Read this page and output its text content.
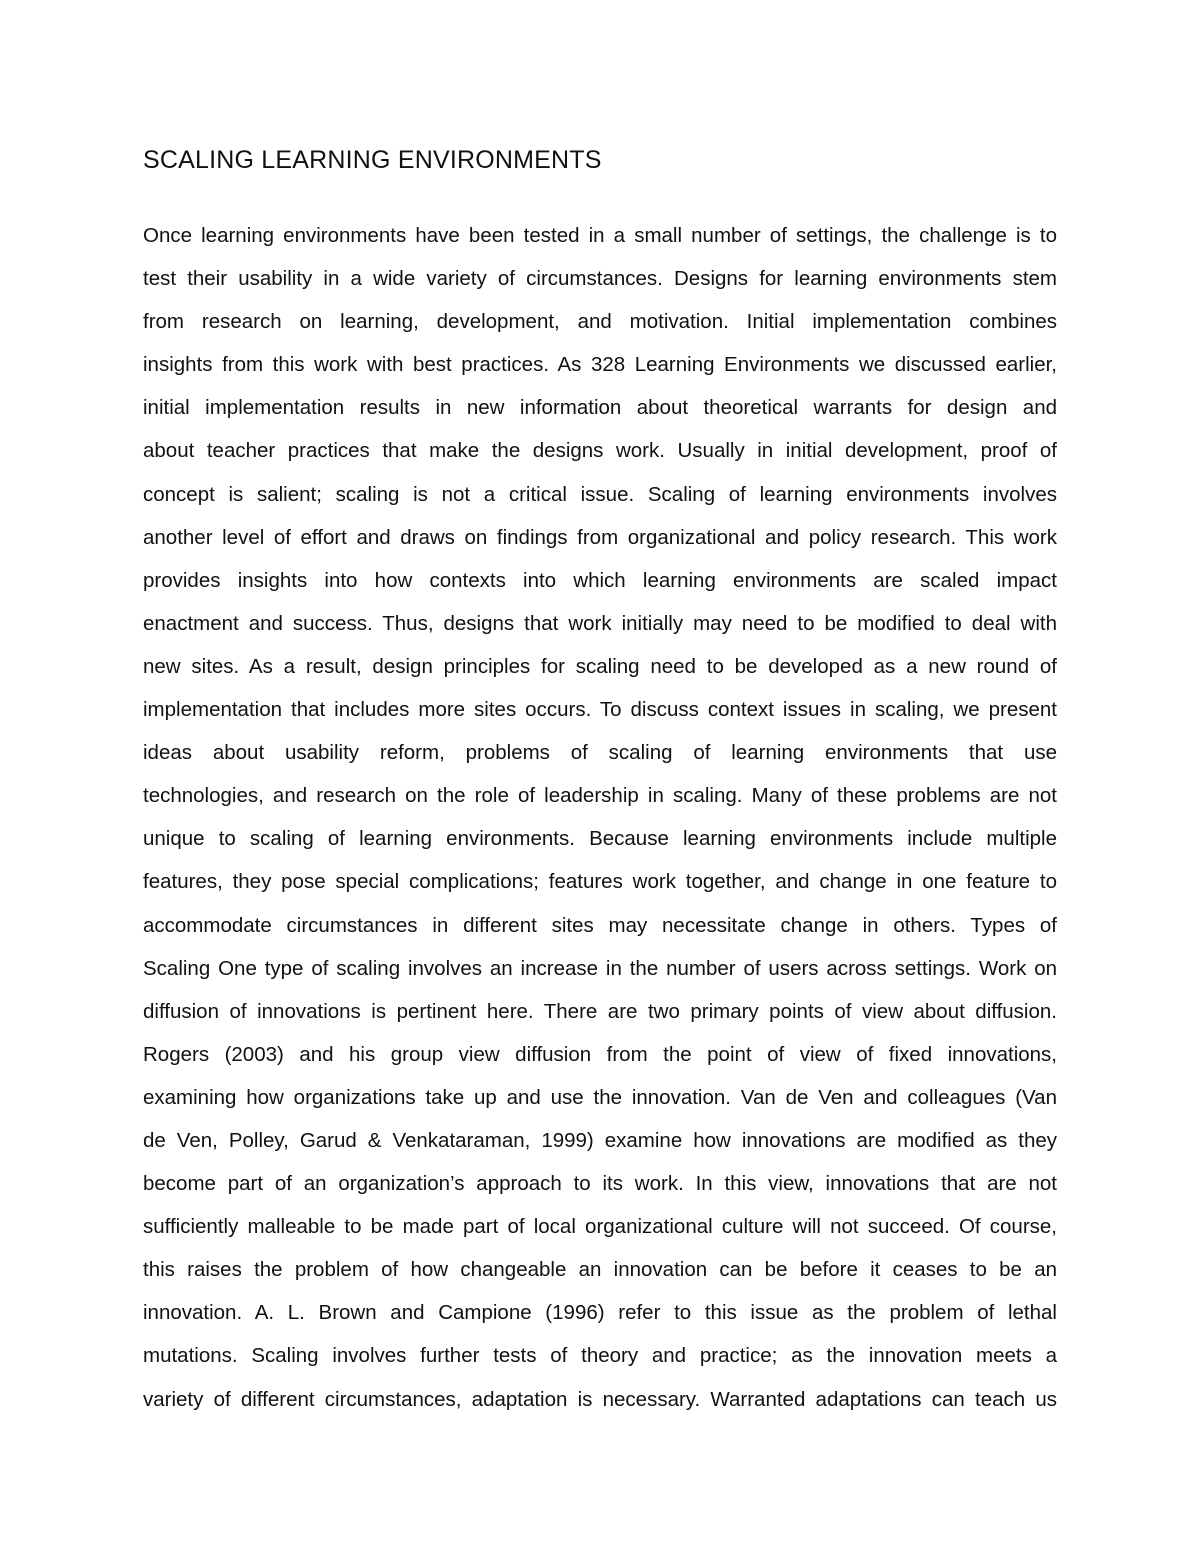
SCALING LEARNING ENVIRONMENTS
Once learning environments have been tested in a small number of settings, the challenge is to
test their usability in a wide variety of circumstances. Designs for learning environments stem
from research on learning, development, and motivation. Initial implementation combines
insights from this work with best practices. As 328 Learning Environments we discussed earlier,
initial implementation results in new information about theoretical warrants for design and
about teacher practices that make the designs work. Usually in initial development, proof of
concept is salient; scaling is not a critical issue. Scaling of learning environments involves
another level of effort and draws on findings from organizational and policy research. This work
provides insights into how contexts into which learning environments are scaled impact
enactment and success. Thus, designs that work initially may need to be modified to deal with
new sites. As a result, design principles for scaling need to be developed as a new round of
implementation that includes more sites occurs. To discuss context issues in scaling, we present
ideas about usability reform, problems of scaling of learning environments that use
technologies, and research on the role of leadership in scaling. Many of these problems are not
unique to scaling of learning environments. Because learning environments include multiple
features, they pose special complications; features work together, and change in one feature to
accommodate circumstances in different sites may necessitate change in others. Types of
Scaling One type of scaling involves an increase in the number of users across settings. Work on
diffusion of innovations is pertinent here. There are two primary points of view about diffusion.
Rogers (2003) and his group view diffusion from the point of view of fixed innovations,
examining how organizations take up and use the innovation. Van de Ven and colleagues (Van
de Ven, Polley, Garud & Venkataraman, 1999) examine how innovations are modified as they
become part of an organization’s approach to its work. In this view, innovations that are not
sufficiently malleable to be made part of local organizational culture will not succeed. Of course,
this raises the problem of how changeable an innovation can be before it ceases to be an
innovation. A. L. Brown and Campione (1996) refer to this issue as the problem of lethal
mutations. Scaling involves further tests of theory and practice; as the innovation meets a
variety of different circumstances, adaptation is necessary. Warranted adaptations can teach us
